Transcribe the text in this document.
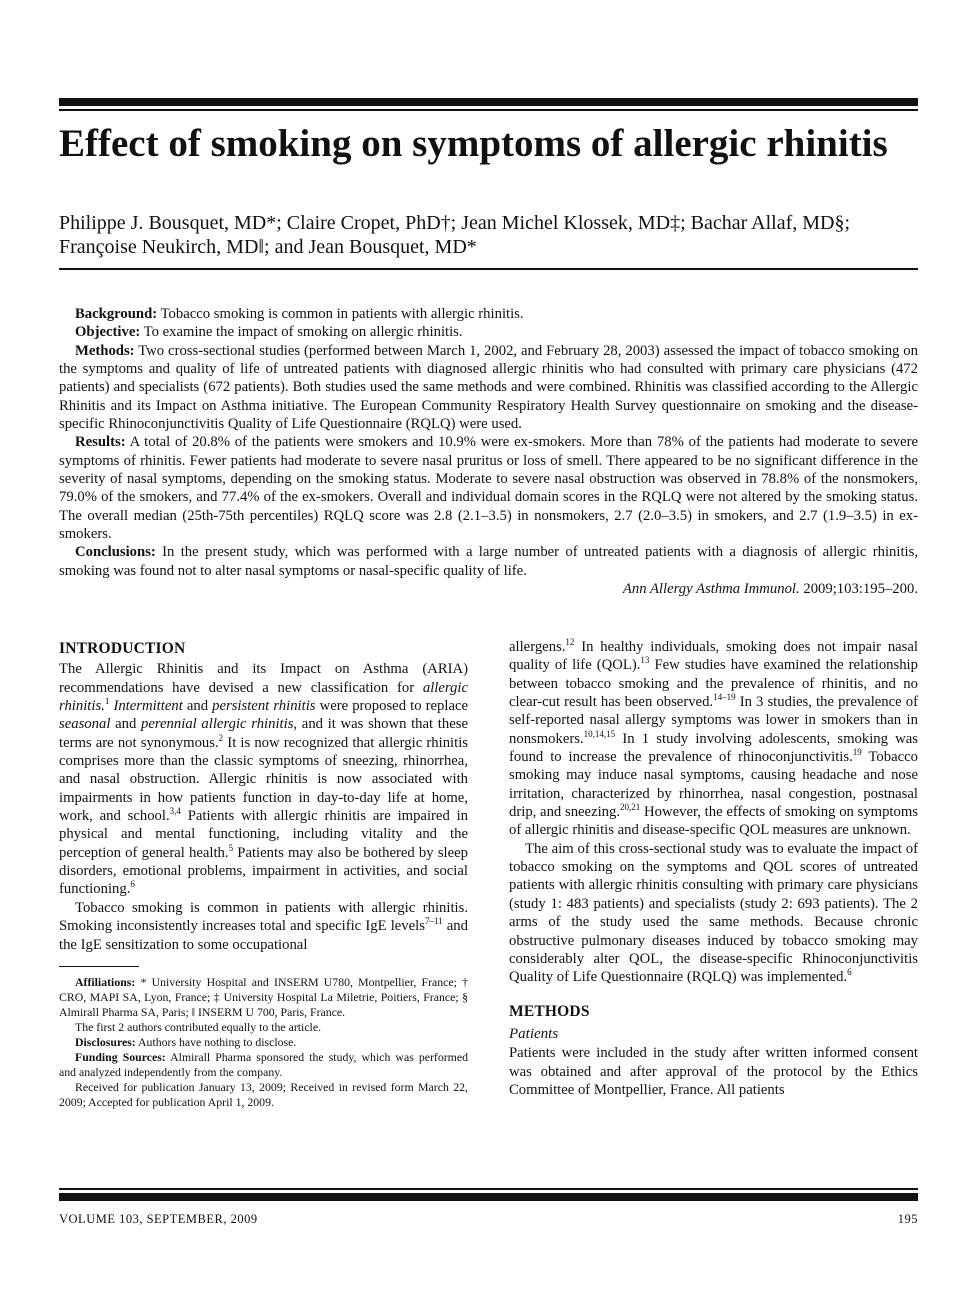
Effect of smoking on symptoms of allergic rhinitis
Philippe J. Bousquet, MD*; Claire Cropet, PhD†; Jean Michel Klossek, MD‡; Bachar Allaf, MD§;
Françoise Neukirch, MD‖; and Jean Bousquet, MD*

Background: Tobacco smoking is common in patients with allergic rhinitis.

Objective: To examine the impact of smoking on allergic rhinitis.

Methods: Two cross-sectional studies (performed between March 1, 2002, and February 28, 2003) assessed the impact of tobacco smoking on the symptoms and quality of life of untreated patients with diagnosed allergic rhinitis who had consulted with primary care physicians (472 patients) and specialists (672 patients). Both studies used the same methods and were combined. Rhinitis was classified according to the Allergic Rhinitis and its Impact on Asthma initiative. The European Community Respiratory Health Survey questionnaire on smoking and the disease-specific Rhinoconjunctivitis Quality of Life Questionnaire (RQLQ) were used.

Results: A total of 20.8% of the patients were smokers and 10.9% were ex-smokers. More than 78% of the patients had moderate to severe symptoms of rhinitis. Fewer patients had moderate to severe nasal pruritus or loss of smell. There appeared to be no significant difference in the severity of nasal symptoms, depending on the smoking status. Moderate to severe nasal obstruction was observed in 78.8% of the nonsmokers, 79.0% of the smokers, and 77.4% of the ex-smokers. Overall and individual domain scores in the RQLQ were not altered by the smoking status. The overall median (25th-75th percentiles) RQLQ score was 2.8 (2.1–3.5) in nonsmokers, 2.7 (2.0–3.5) in smokers, and 2.7 (1.9–3.5) in ex-smokers.

Conclusions: In the present study, which was performed with a large number of untreated patients with a diagnosis of allergic rhinitis, smoking was found not to alter nasal symptoms or nasal-specific quality of life.

Ann Allergy Asthma Immunol. 2009;103:195–200.

INTRODUCTION

The Allergic Rhinitis and its Impact on Asthma (ARIA) recommendations have devised a new classification for allergic rhinitis.$^1$ Intermittent and persistent rhinitis were proposed to replace seasonal and perennial allergic rhinitis, and it was shown that these terms are not synonymous.$^2$ It is now recognized that allergic rhinitis comprises more than the classic symptoms of sneezing, rhinorrhea, and nasal obstruction. Allergic rhinitis is now associated with impairments in how patients function in day-to-day life at home, work, and school.$^{3,4}$ Patients with allergic rhinitis are impaired in physical and mental functioning, including vitality and the perception of general health.$^5$ Patients may also be bothered by sleep disorders, emotional problems, impairment in activities, and social functioning.$^6$

Tobacco smoking is common in patients with allergic rhinitis. Smoking inconsistently increases total and specific IgE levels$^{7-11}$ and the IgE sensitization to some occupational

Affiliations: * University Hospital and INSERM U780, Montpellier, France; † CRO, MAPI SA, Lyon, France; ‡ University Hospital La Miletrie, Poitiers, France; § Almirall Pharma SA, Paris; ‖ INSERM U 700, Paris, France.

The first 2 authors contributed equally to the article.

Disclosures: Authors have nothing to disclose.

Funding Sources: Almirall Pharma sponsored the study, which was performed and analyzed independently from the company.

Received for publication January 13, 2009; Received in revised form March 22, 2009; Accepted for publication April 1, 2009.

allergens.$^{12}$ In healthy individuals, smoking does not impair nasal quality of life (QOL).$^{13}$ Few studies have examined the relationship between tobacco smoking and the prevalence of rhinitis, and no clear-cut result has been observed.$^{14-19}$ In 3 studies, the prevalence of self-reported nasal allergy symptoms was lower in smokers than in nonsmokers.$^{10,14,15}$ In 1 study involving adolescents, smoking was found to increase the prevalence of rhinoconjunctivitis.$^{19}$ Tobacco smoking may induce nasal symptoms, causing headache and nose irritation, characterized by rhinorrhea, nasal congestion, postnasal drip, and sneezing.$^{20,21}$ However, the effects of smoking on symptoms of allergic rhinitis and disease-specific QOL measures are unknown.

The aim of this cross-sectional study was to evaluate the impact of tobacco smoking on the symptoms and QOL scores of untreated patients with allergic rhinitis consulting with primary care physicians (study 1: 483 patients) and specialists (study 2: 693 patients). The 2 arms of the study used the same methods. Because chronic obstructive pulmonary diseases induced by tobacco smoking may considerably alter QOL, the disease-specific Rhinoconjunctivitis Quality of Life Questionnaire (RQLQ) was implemented.$^6$

METHODS
Patients

Patients were included in the study after written informed consent was obtained and after approval of the protocol by the Ethics Committee of Montpellier, France. All patients

VOLUME 103, SEPTEMBER, 2009	195
